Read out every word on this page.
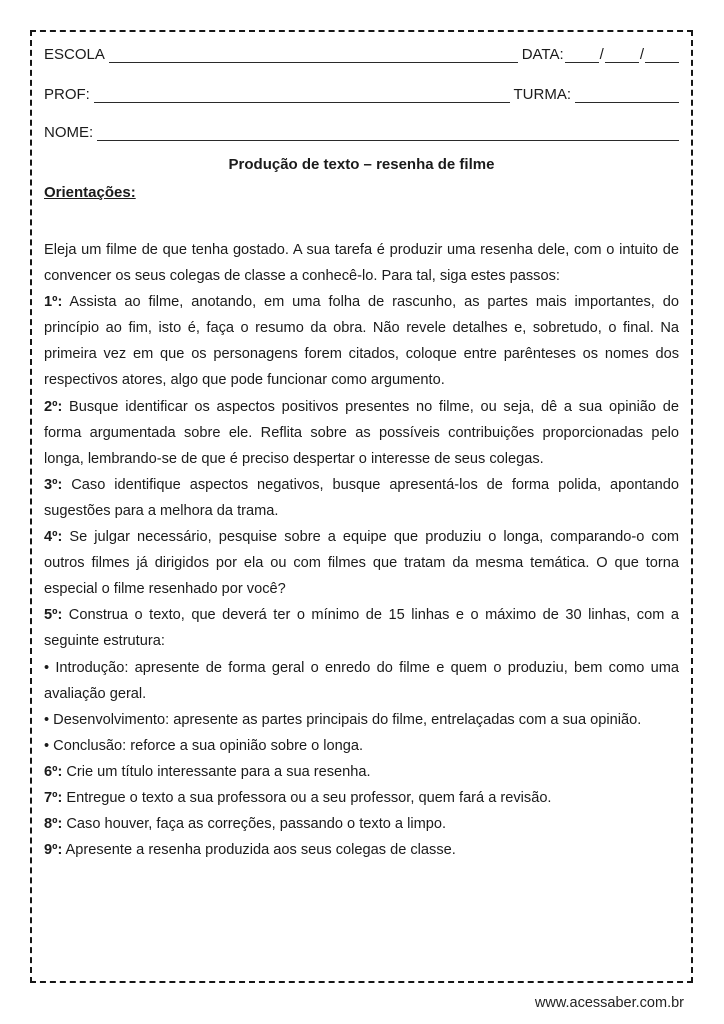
ESCOLA	DATA: / /
PROF:	TURMA:
NOME:
Produção de texto – resenha de filme
Orientações:

Eleja um filme de que tenha gostado. A sua tarefa é produzir uma resenha dele, com o intuito de convencer os seus colegas de classe a conhecê-lo. Para tal, siga estes passos:

1º: Assista ao filme, anotando, em uma folha de rascunho, as partes mais importantes, do princípio ao fim, isto é, faça o resumo da obra. Não revele detalhes e, sobretudo, o final. Na primeira vez em que os personagens forem citados, coloque entre parênteses os nomes dos respectivos atores, algo que pode funcionar como argumento.

2º: Busque identificar os aspectos positivos presentes no filme, ou seja, dê a sua opinião de forma argumentada sobre ele. Reflita sobre as possíveis contribuições proporcionadas pelo longa, lembrando-se de que é preciso despertar o interesse de seus colegas.

3º: Caso identifique aspectos negativos, busque apresentá-los de forma polida, apontando sugestões para a melhora da trama.

4º: Se julgar necessário, pesquise sobre a equipe que produziu o longa, comparando-o com outros filmes já dirigidos por ela ou com filmes que tratam da mesma temática. O que torna especial o filme resenhado por você?

5º: Construa o texto, que deverá ter o mínimo de 15 linhas e o máximo de 30 linhas, com a seguinte estrutura:

• Introdução: apresente de forma geral o enredo do filme e quem o produziu, bem como uma avaliação geral.

• Desenvolvimento: apresente as partes principais do filme, entrelaçadas com a sua opinião.

• Conclusão: reforce a sua opinião sobre o longa.

6º: Crie um título interessante para a sua resenha.

7º: Entregue o texto a sua professora ou a seu professor, quem fará a revisão.

8º: Caso houver, faça as correções, passando o texto a limpo.

9º: Apresente a resenha produzida aos seus colegas de classe.

www.acessaber.com.br
